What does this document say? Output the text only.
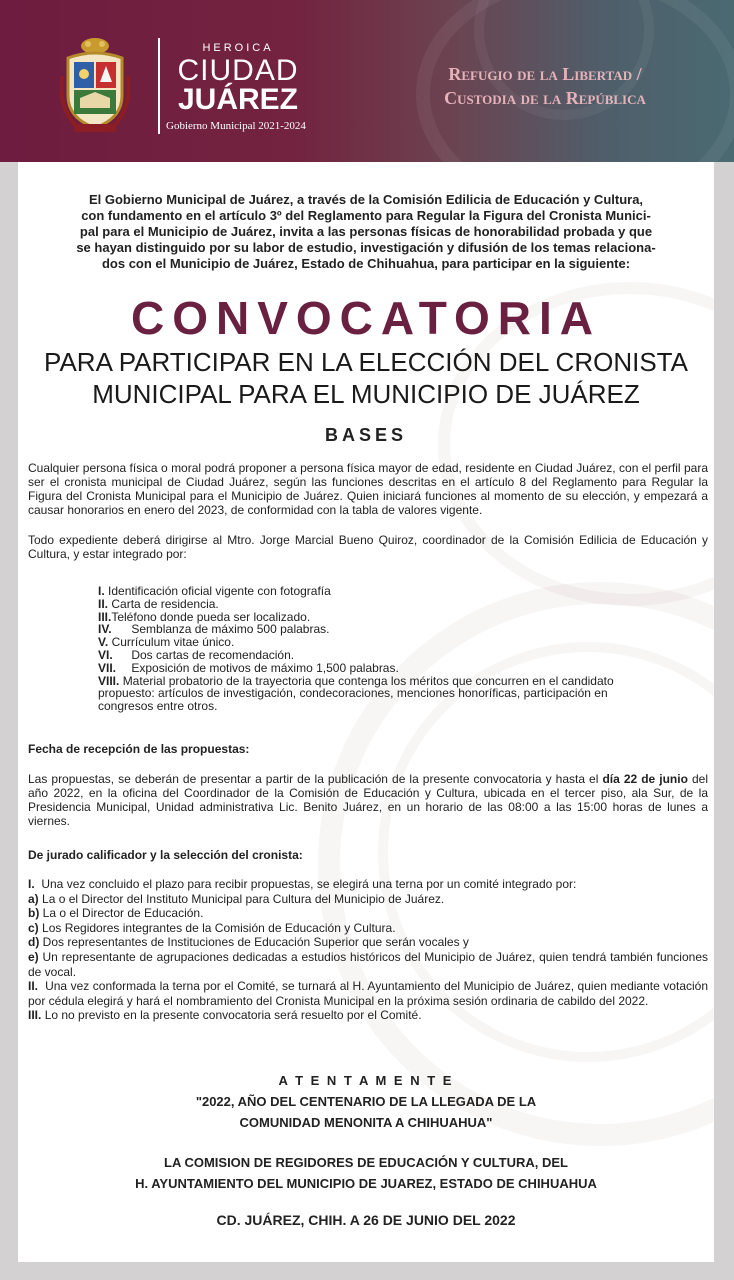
HEROICA
CIUDAD
JUÁREZ
Gobierno Municipal 2021-2024
Refugio de la Libertad /
Custodia de la República
El Gobierno Municipal de Juárez, a través de la Comisión Edilicia de Educación y Cultura,
con fundamento en el artículo 3º del Reglamento para Regular la Figura del Cronista Munici-
pal para el Municipio de Juárez, invita a las personas físicas de honorabilidad probada y que
se hayan distinguido por su labor de estudio, investigación y difusión de los temas relaciona-
dos con el Municipio de Juárez, Estado de Chihuahua, para participar en la siguiente:
CONVOCATORIA
PARA PARTICIPAR EN LA ELECCIÓN DEL CRONISTA
MUNICIPAL PARA EL MUNICIPIO DE JUÁREZ
BASES
Cualquier persona física o moral podrá proponer a persona física mayor de edad, residente en Ciudad Juárez, con el perfil para ser el cronista municipal de Ciudad Juárez, según las funciones descritas en el artículo 8 del Reglamento para Regular la Figura del Cronista Municipal para el Municipio de Juárez. Quien iniciará funciones al momento de su elección, y empezará a causar honorarios en enero del 2023, de conformidad con la tabla de valores vigente.
Todo expediente deberá dirigirse al Mtro. Jorge Marcial Bueno Quiroz, coordinador de la Comisión Edilicia de Educación y Cultura, y estar integrado por:
I. Identificación oficial vigente con fotografía
II. Carta de residencia.
III.Teléfono donde pueda ser localizado.
IV. Semblanza de máximo 500 palabras.
V. Currículum vitae único.
VI. Dos cartas de recomendación.
VII. Exposición de motivos de máximo 1,500 palabras.
VIII. Material probatorio de la trayectoria que contenga los méritos que concurren en el candidato propuesto: artículos de investigación, condecoraciones, menciones honoríficas, participación en congresos entre otros.
Fecha de recepción de las propuestas:
Las propuestas, se deberán de presentar a partir de la publicación de la presente convocatoria y hasta el día 22 de junio del año 2022, en la oficina del Coordinador de la Comisión de Educación y Cultura, ubicada en el tercer piso, ala Sur, de la Presidencia Municipal, Unidad administrativa Lic. Benito Juárez, en un horario de las 08:00 a las 15:00 horas de lunes a viernes.
De jurado calificador y la selección del cronista:
I. Una vez concluido el plazo para recibir propuestas, se elegirá una terna por un comité integrado por:
a) La o el Director del Instituto Municipal para Cultura del Municipio de Juárez.
b) La o el Director de Educación.
c) Los Regidores integrantes de la Comisión de Educación y Cultura.
d) Dos representantes de Instituciones de Educación Superior que serán vocales y
e) Un representante de agrupaciones dedicadas a estudios históricos del Municipio de Juárez, quien tendrá también funciones de vocal.
II. Una vez conformada la terna por el Comité, se turnará al H. Ayuntamiento del Municipio de Juárez, quien mediante votación por cédula elegirá y hará el nombramiento del Cronista Municipal en la próxima sesión ordinaria de cabildo del 2022.
III. Lo no previsto en la presente convocatoria será resuelto por el Comité.
A T E N T A M E N T E
"2022, AÑO DEL CENTENARIO DE LA LLEGADA DE LA
COMUNIDAD MENONITA A CHIHUAHUA"
LA COMISION DE REGIDORES DE EDUCACIÓN Y CULTURA, DEL
H. AYUNTAMIENTO DEL MUNICIPIO DE JUAREZ, ESTADO DE CHIHUAHUA
CD. JUÁREZ, CHIH. A 26 DE JUNIO DEL 2022
